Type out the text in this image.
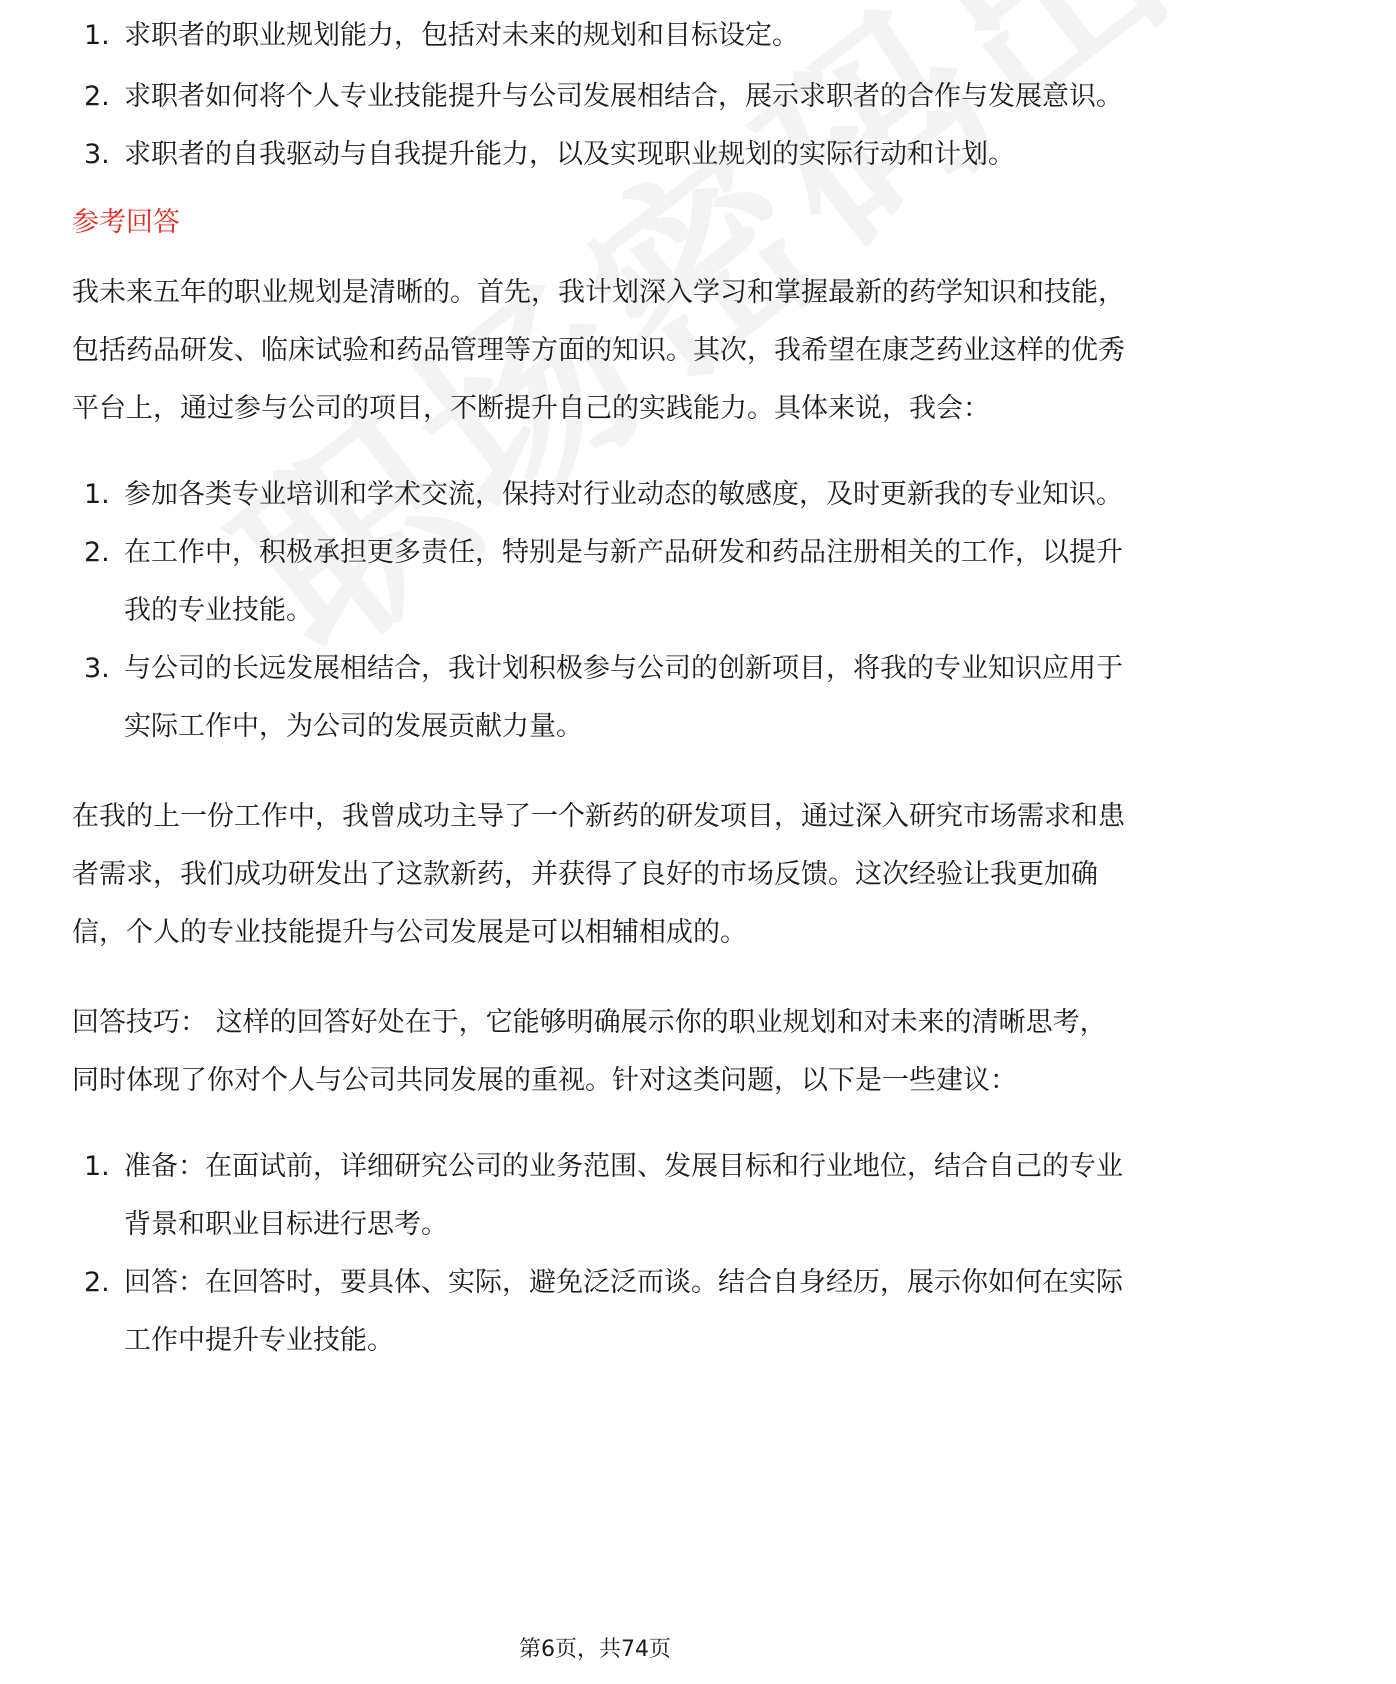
1. 求职者的职业规划能力，包括对未来的规划和目标设定。
2. 求职者如何将个人专业技能提升与公司发展相结合，展示求职者的合作与发展意识。
3. 求职者的自我驱动与自我提升能力，以及实现职业规划的实际行动和计划。
参考回答

我未来五年的职业规划是清晰的。首先，我计划深入学习和掌握最新的药学知识和技能，包括药品研发、临床试验和药品管理等方面的知识。其次，我希望在康芝药业这样的优秀平台上，通过参与公司的项目，不断提升自己的实践能力。具体来说，我会：

1. 参加各类专业培训和学术交流，保持对行业动态的敏感度，及时更新我的专业知识。
2. 在工作中，积极承担更多责任，特别是与新产品研发和药品注册相关的工作，以提升我的专业技能。
3. 与公司的长远发展相结合，我计划积极参与公司的创新项目，将我的专业知识应用于实际工作中，为公司的发展贡献力量。

在我的上一份工作中，我曾成功主导了一个新药的研发项目，通过深入研究市场需求和患者需求，我们成功研发出了这款新药，并获得了良好的市场反馈。这次经验让我更加确信，个人的专业技能提升与公司发展是可以相辅相成的。

回答技巧： 这样的回答好处在于，它能够明确展示你的职业规划和对未来的清晰思考，同时体现了你对个人与公司共同发展的重视。针对这类问题，以下是一些建议：

1. 准备：在面试前，详细研究公司的业务范围、发展目标和行业地位，结合自己的专业背景和职业目标进行思考。
2. 回答：在回答时，要具体、实际，避免泛泛而谈。结合自身经历，展示你如何在实际工作中提升专业技能。
第6页，共74页
